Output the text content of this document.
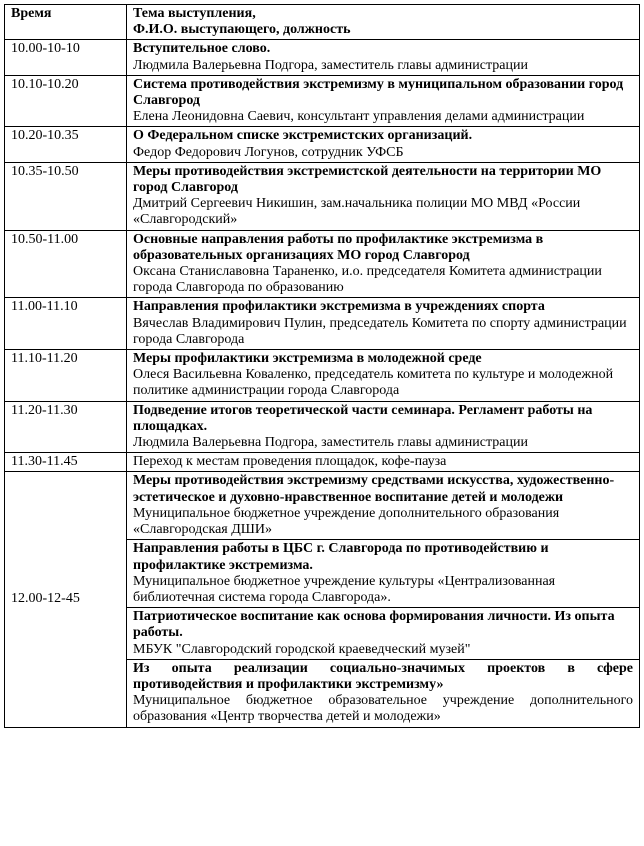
Время	Тема выступления,
Ф.И.О. выступающего, должность

10.00-10-10	Вступительное слово.
Людмила Валерьевна Подгора, заместитель главы администрации

10.10-10.20	Система противодействия экстремизму в муниципальном образовании город Славгород
Елена Леонидовна Саевич, консультант управления делами администрации

10.20-10.35	О Федеральном списке экстремистских организаций.
Федор Федорович Логунов, сотрудник УФСБ

10.35-10.50	Меры противодействия экстремистской деятельности на территории МО город Славгород
Дмитрий Сергеевич Никишин, зам.начальника полиции МО МВД «России «Славгородский»

10.50-11.00	Основные направления работы по профилактике экстремизма в образовательных организациях МО город Славгород
Оксана Станиславовна Тараненко, и.о. председателя Комитета администрации города Славгорода по образованию

11.00-11.10	Направления профилактики экстремизма в учреждениях спорта
Вячеслав Владимирович Пулин, председатель Комитета по спорту администрации города Славгорода

11.10-11.20	Меры профилактики экстремизма в молодежной среде
Олеся Васильевна Коваленко, председатель комитета по культуре и молодежной политике администрации города Славгорода

11.20-11.30	Подведение итогов теоретической части семинара. Регламент работы на площадках.
Людмила Валерьевна Подгора, заместитель главы администрации

11.30-11.45	Переход к местам проведения площадок, кофе-пауза

12.00-12-45	Меры противодействия экстремизму средствами искусства, художественно-эстетическое и духовно-нравственное воспитание детей и молодежи
Муниципальное бюджетное учреждение дополнительного образования «Славгородская ДШИ»

	Направления работы в ЦБС г. Славгорода по противодействию и профилактике экстремизма.
Муниципальное бюджетное учреждение культуры «Централизованная библиотечная система города Славгорода».

	Патриотическое воспитание как основа формирования личности. Из опыта работы.
МБУК "Славгородский городской краеведческий музей"

	Из опыта реализации социально-значимых проектов в сфере противодействия и профилактики экстремизму»
Муниципальное бюджетное образовательное учреждение дополнительного образования «Центр творчества детей и молодежи»
